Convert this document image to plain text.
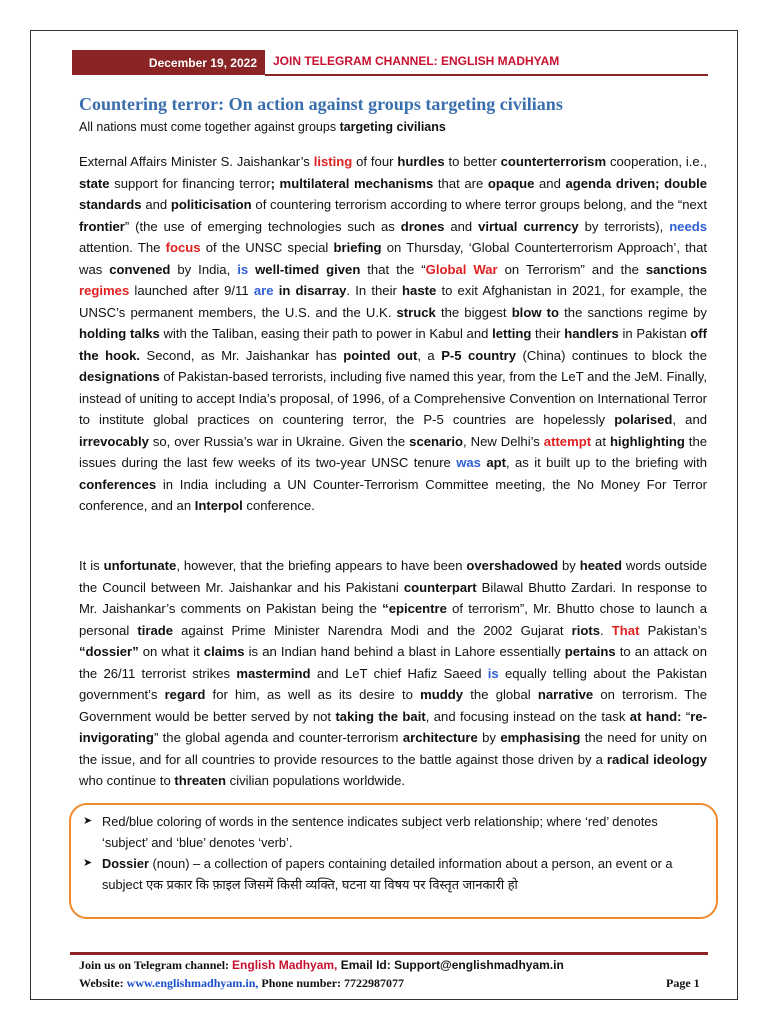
December 19, 2022	JOIN TELEGRAM CHANNEL: ENGLISH MADHYAM
Countering terror: On action against groups targeting civilians

All nations must come together against groups targeting civilians

External Affairs Minister S. Jaishankar’s listing of four hurdles to better counterterrorism cooperation, i.e., state support for financing terror; multilateral mechanisms that are opaque and agenda driven; double standards and politicisation of countering terrorism according to where terror groups belong, and the “next frontier” (the use of emerging technologies such as drones and virtual currency by terrorists), needs attention. The focus of the UNSC special briefing on Thursday, ‘Global Counterterrorism Approach’, that was convened by India, is well-timed given that the “Global War on Terrorism” and the sanctions regimes launched after 9/11 are in disarray. In their haste to exit Afghanistan in 2021, for example, the UNSC’s permanent members, the U.S. and the U.K. struck the biggest blow to the sanctions regime by holding talks with the Taliban, easing their path to power in Kabul and letting their handlers in Pakistan off the hook. Second, as Mr. Jaishankar has pointed out, a P-5 country (China) continues to block the designations of Pakistan-based terrorists, including five named this year, from the LeT and the JeM. Finally, instead of uniting to accept India’s proposal, of 1996, of a Comprehensive Convention on International Terror to institute global practices on countering terror, the P-5 countries are hopelessly polarised, and irrevocably so, over Russia’s war in Ukraine. Given the scenario, New Delhi’s attempt at highlighting the issues during the last few weeks of its two-year UNSC tenure was apt, as it built up to the briefing with conferences in India including a UN Counter-Terrorism Committee meeting, the No Money For Terror conference, and an Interpol conference.

It is unfortunate, however, that the briefing appears to have been overshadowed by heated words outside the Council between Mr. Jaishankar and his Pakistani counterpart Bilawal Bhutto Zardari. In response to Mr. Jaishankar’s comments on Pakistan being the “epicentre of terrorism”, Mr. Bhutto chose to launch a personal tirade against Prime Minister Narendra Modi and the 2002 Gujarat riots. That Pakistan’s “dossier” on what it claims is an Indian hand behind a blast in Lahore essentially pertains to an attack on the 26/11 terrorist strikes mastermind and LeT chief Hafiz Saeed is equally telling about the Pakistan government’s regard for him, as well as its desire to muddy the global narrative on terrorism. The Government would be better served by not taking the bait, and focusing instead on the task at hand: “re-invigorating” the global agenda and counter-terrorism architecture by emphasising the need for unity on the issue, and for all countries to provide resources to the battle against those driven by a radical ideology who continue to threaten civilian populations worldwide.

➤ Red/blue coloring of words in the sentence indicates subject verb relationship; where ‘red’ denotes ‘subject’ and ‘blue’ denotes ‘verb’.
➤ Dossier (noun) – a collection of papers containing detailed information about a person, an event or a subject एक प्रकार कि फ़ाइल जिसमें किसी व्यक्ति, घटना या विषय पर विस्तृत जानकारी हो
Join us on Telegram channel: English Madhyam, Email Id: Support@englishmadhyam.in
Website: www.englishmadhyam.in, Phone number: 7722987077	Page 1
